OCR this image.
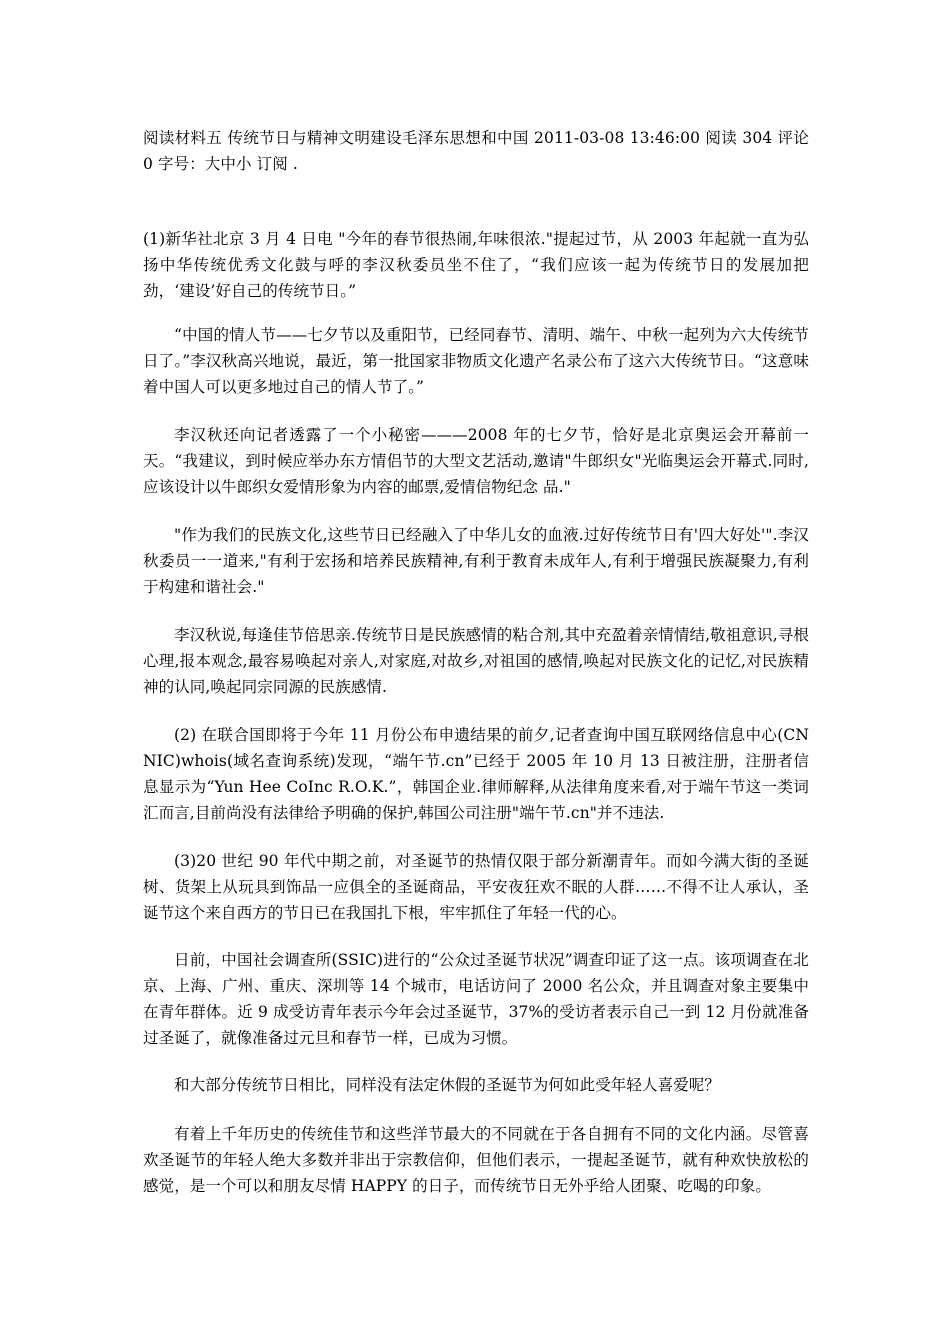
阅读材料五 传统节日与精神文明建设毛泽东思想和中国 2011-03-08 13:46:00 阅读 304 评论 0 字号：大中小 订阅 .

(1)新华社北京 3 月 4 日电 "今年的春节很热闹,年味很浓."提起过节，从 2003 年起就一直为弘扬中华传统优秀文化鼓与呼的李汉秋委员坐不住了，“我们应该一起为传统节日的发展加把劲，‘建设’好自己的传统节日。”

“中国的情人节——七夕节以及重阳节，已经同春节、清明、端午、中秋一起列为六大传统节日了。”李汉秋高兴地说，最近，第一批国家非物质文化遗产名录公布了这六大传统节日。“这意味着中国人可以更多地过自己的情人节了。”

李汉秋还向记者透露了一个小秘密———2008 年的七夕节，恰好是北京奥运会开幕前一天。“我建议，到时候应举办东方情侣节的大型文艺活动,邀请"牛郎织女"光临奥运会开幕式.同时,应该设计以牛郎织女爱情形象为内容的邮票,爱情信物纪念 品."

"作为我们的民族文化,这些节日已经融入了中华儿女的血液.过好传统节日有'四大好处'".李汉秋委员一一道来,"有利于宏扬和培养民族精神,有利于教育未成年人,有利于增强民族凝聚力,有利于构建和谐社会."

李汉秋说,每逢佳节倍思亲.传统节日是民族感情的粘合剂,其中充盈着亲情情结,敬祖意识,寻根心理,报本观念,最容易唤起对亲人,对家庭,对故乡,对祖国的感情,唤起对民族文化的记忆,对民族精神的认同,唤起同宗同源的民族感情.

(2) 在联合国即将于今年 11 月份公布申遗结果的前夕,记者查询中国互联网络信息中心(CNNIC)whois(域名查询系统)发现，“端午节.cn”已经于 2005 年 10 月 13 日被注册，注册者信息显示为“Yun Hee CoInc R.O.K.”，韩国企业.律师解释,从法律角度来看,对于端午节这一类词汇而言,目前尚没有法律给予明确的保护,韩国公司注册"端午节.cn"并不违法.

(3)20 世纪 90 年代中期之前，对圣诞节的热情仅限于部分新潮青年。而如今满大街的圣诞树、货架上从玩具到饰品一应俱全的圣诞商品，平安夜狂欢不眠的人群……不得不让人承认，圣诞节这个来自西方的节日已在我国扎下根，牢牢抓住了年轻一代的心。

日前，中国社会调查所(SSIC)进行的“公众过圣诞节状况”调查印证了这一点。该项调查在北京、上海、广州、重庆、深圳等 14 个城市，电话访问了 2000 名公众，并且调查对象主要集中在青年群体。近 9 成受访青年表示今年会过圣诞节，37%的受访者表示自己一到 12 月份就准备过圣诞了，就像准备过元旦和春节一样，已成为习惯。

和大部分传统节日相比，同样没有法定休假的圣诞节为何如此受年轻人喜爱呢？

有着上千年历史的传统佳节和这些洋节最大的不同就在于各自拥有不同的文化内涵。尽管喜欢圣诞节的年轻人绝大多数并非出于宗教信仰，但他们表示，一提起圣诞节，就有种欢快放松的感觉，是一个可以和朋友尽情 HAPPY 的日子，而传统节日无外乎给人团聚、吃喝的印象。
